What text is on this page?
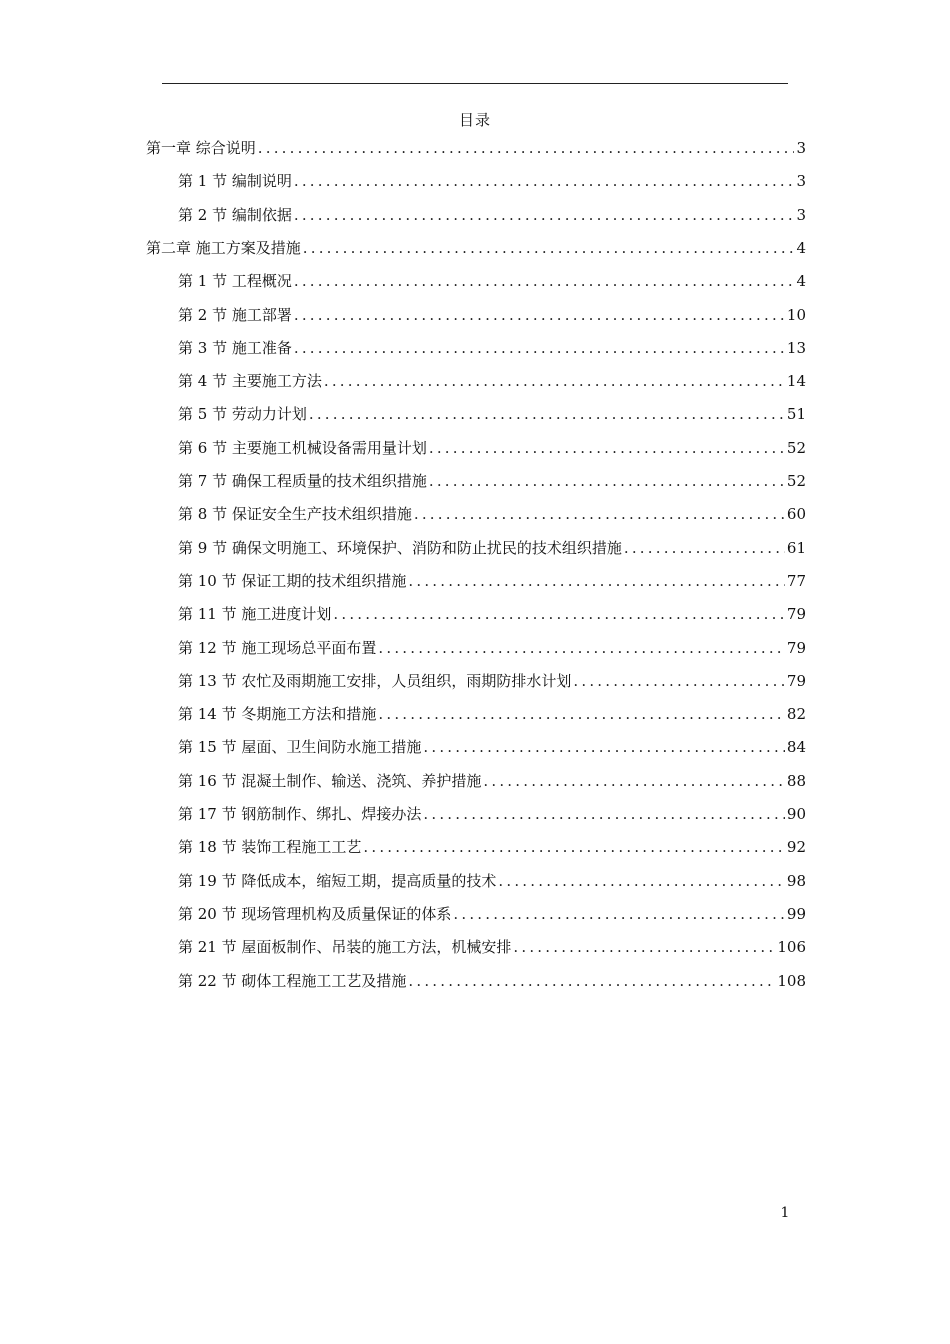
目录
第一章 综合说明 .....	3
第 1 节 编制说明 .....	3
第 2 节 编制依据 .....	3
第二章 施工方案及措施 .....	4
第 1 节 工程概况 .....	4
第 2 节 施工部署 .....	10
第 3 节 施工准备 .....	13
第 4 节 主要施工方法 .....	14
第 5 节 劳动力计划 .....	51
第 6 节 主要施工机械设备需用量计划 .....	52
第 7 节 确保工程质量的技术组织措施 .....	52
第 8 节 保证安全生产技术组织措施 .....	60
第 9 节 确保文明施工、环境保护、消防和防止扰民的技术组织措施 .....	61
第 10 节 保证工期的技术组织措施 .....	77
第 11 节 施工进度计划 .....	79
第 12 节 施工现场总平面布置 .....	79
第 13 节 农忙及雨期施工安排，人员组织，雨期防排水计划 .....	79
第 14 节 冬期施工方法和措施 .....	82
第 15 节 屋面、卫生间防水施工措施 .....	84
第 16 节 混凝土制作、输送、浇筑、养护措施 .....	88
第 17 节 钢筋制作、绑扎、焊接办法 .....	90
第 18 节 装饰工程施工工艺 .....	92
第 19 节 降低成本，缩短工期，提高质量的技术 .....	98
第 20 节 现场管理机构及质量保证的体系 .....	99
第 21 节 屋面板制作、吊装的施工方法，机械安排 .....	106
第 22 节 砌体工程施工工艺及措施 .....	108
1
